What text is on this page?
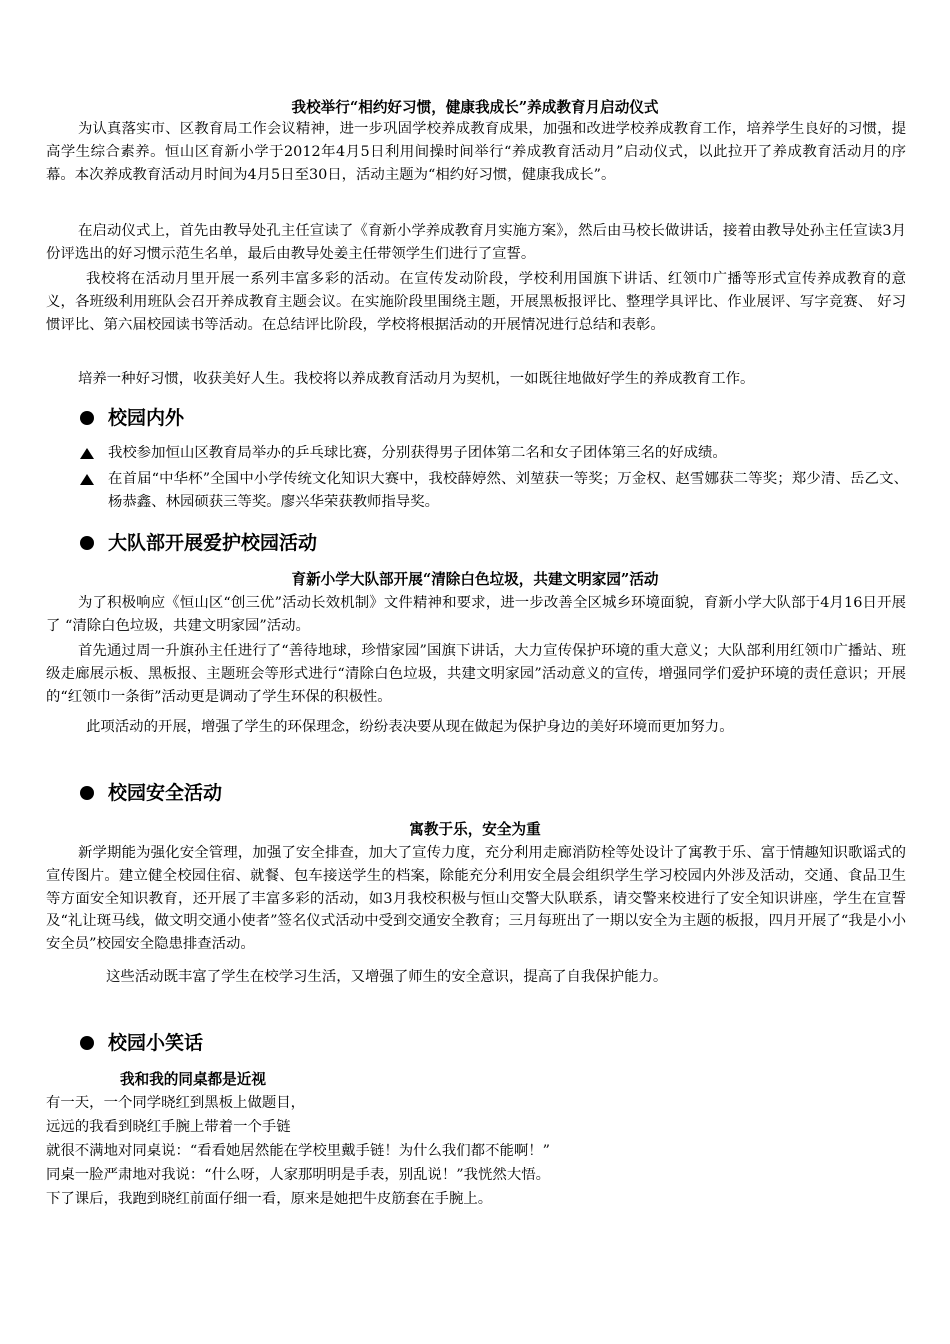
我校举行“相约好习惯，健康我成长”养成教育月启动仪式

为认真落实市、区教育局工作会议精神，进一步巩固学校养成教育成果，加强和改进学校养成教育工作，培养学生良好的习惯，提高学生综合素养。恒山区育新小学于2012年4月5日利用间操时间举行“养成教育活动月”启动仪式，以此拉开了养成教育活动月的序幕。本次养成教育活动月时间为4月5日至30日，活动主题为“相约好习惯，健康我成长”。

在启动仪式上，首先由教导处孔主任宣读了《育新小学养成教育月实施方案》，然后由马校长做讲话，接着由教导处孙主任宣读3月份评选出的好习惯示范生名单，最后由教导处姜主任带领学生们进行了宣誓。

我校将在活动月里开展一系列丰富多彩的活动。在宣传发动阶段，学校利用国旗下讲话、红领巾广播等形式宣传养成教育的意义，各班级利用班队会召开养成教育主题会议。在实施阶段里围绕主题，开展黑板报评比、整理学具评比、作业展评、写字竞赛、 好习惯评比、第六届校园读书等活动。在总结评比阶段，学校将根据活动的开展情况进行总结和表彰。

培养一种好习惯，收获美好人生。我校将以养成教育活动月为契机，一如既往地做好学生的养成教育工作。

校园内外
我校参加恒山区教育局举办的乒乓球比赛，分别获得男子团体第二名和女子团体第三名的好成绩。
在首届“中华杯”全国中小学传统文化知识大赛中，我校薛婷然、刘堃获一等奖；万金权、赵雪娜获二等奖；郑少清、岳乙文、杨恭鑫、林园硕获三等奖。廖兴华荣获教师指导奖。
大队部开展爱护校园活动

育新小学大队部开展“清除白色垃圾，共建文明家园”活动

为了积极响应《恒山区“创三优”活动长效机制》文件精神和要求，进一步改善全区城乡环境面貌，育新小学大队部于4月16日开展了 “清除白色垃圾，共建文明家园”活动。

首先通过周一升旗孙主任进行了“善待地球，珍惜家园”国旗下讲话，大力宣传保护环境的重大意义；大队部利用红领巾广播站、班级走廊展示板、黑板报、主题班会等形式进行“清除白色垃圾，共建文明家园”活动意义的宣传，增强同学们爱护环境的责任意识；开展的“红领巾一条街”活动更是调动了学生环保的积极性。

此项活动的开展，增强了学生的环保理念，纷纷表决要从现在做起为保护身边的美好环境而更加努力。

校园安全活动

寓教于乐，安全为重

新学期能为强化安全管理，加强了安全排查，加大了宣传力度，充分利用走廊消防栓等处设计了寓教于乐、富于情趣知识歌谣式的宣传图片。建立健全校园住宿、就餐、包车接送学生的档案，除能充分利用安全晨会组织学生学习校园内外涉及活动，交通、食品卫生等方面安全知识教育，还开展了丰富多彩的活动，如3月我校积极与恒山交警大队联系，请交警来校进行了安全知识讲座，学生在宣誓及“礼让斑马线，做文明交通小使者”签名仪式活动中受到交通安全教育；三月每班出了一期以安全为主题的板报，四月开展了“我是小小安全员”校园安全隐患排查活动。

这些活动既丰富了学生在校学习生活，又增强了师生的安全意识，提高了自我保护能力。

校园小笑话
我和我的同桌都是近视

有一天，一个同学晓红到黑板上做题目，

远远的我看到晓红手腕上带着一个手链

就很不满地对同桌说：“看看她居然能在学校里戴手链！为什么我们都不能啊！”

同桌一脸严肃地对我说：“什么呀，人家那明明是手表，别乱说！”我恍然大悟。

下了课后，我跑到晓红前面仔细一看，原来是她把牛皮筋套在手腕上。
